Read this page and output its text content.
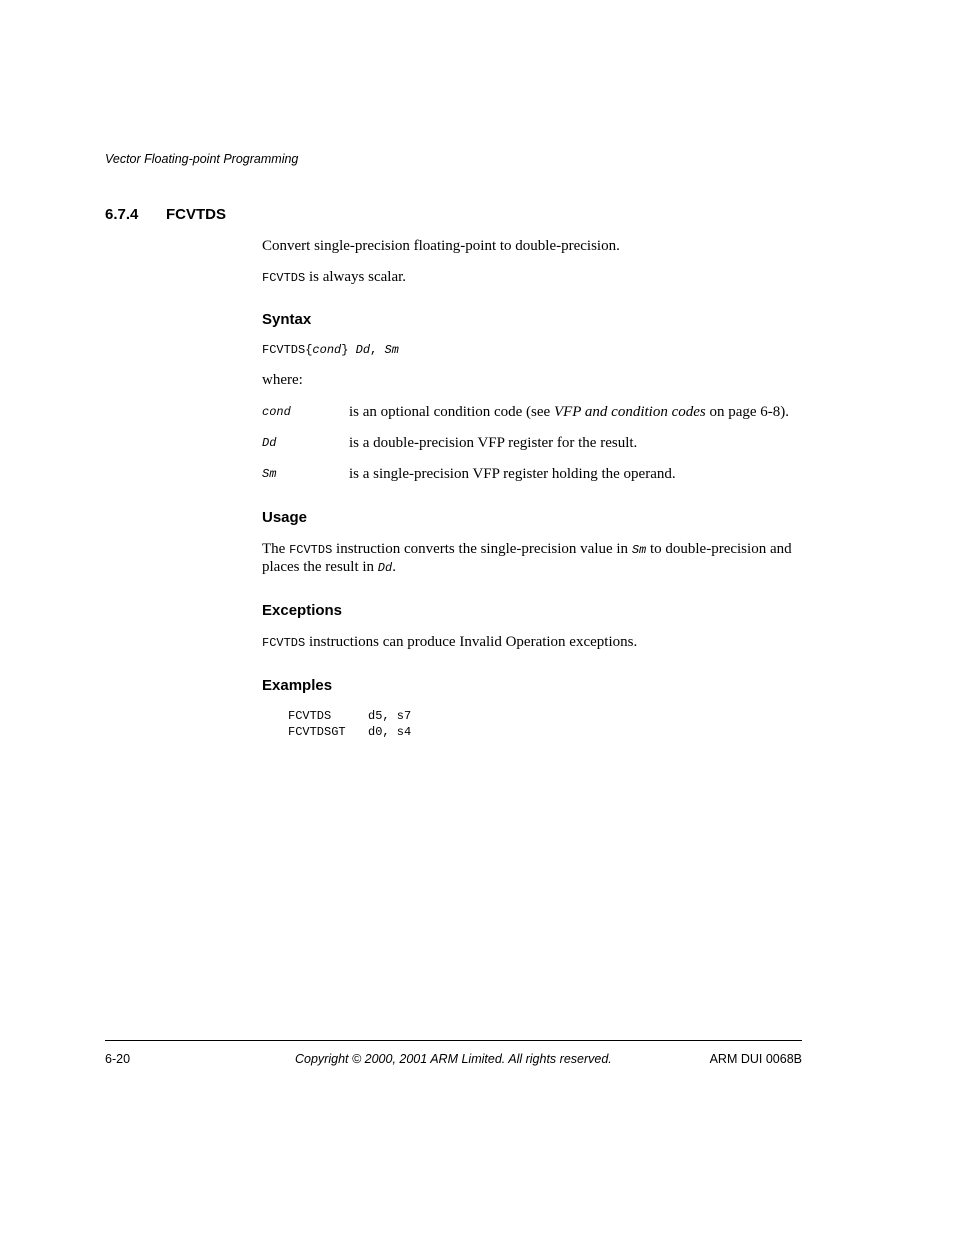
Vector Floating-point Programming
6.7.4 FCVTDS
Convert single-precision floating-point to double-precision.
FCVTDS is always scalar.
Syntax
FCVTDS{cond} Dd, Sm
where:
cond	is an optional condition code (see VFP and condition codes on page 6-8).
Dd	is a double-precision VFP register for the result.
Sm	is a single-precision VFP register holding the operand.
Usage
The FCVTDS instruction converts the single-precision value in Sm to double-precision and
places the result in Dd.
Exceptions
FCVTDS instructions can produce Invalid Operation exceptions.
Examples
FCVTDS	d5, s7
FCVTDSGT d0, s4
6-20	Copyright © 2000, 2001 ARM Limited. All rights reserved.	ARM DUI 0068B
